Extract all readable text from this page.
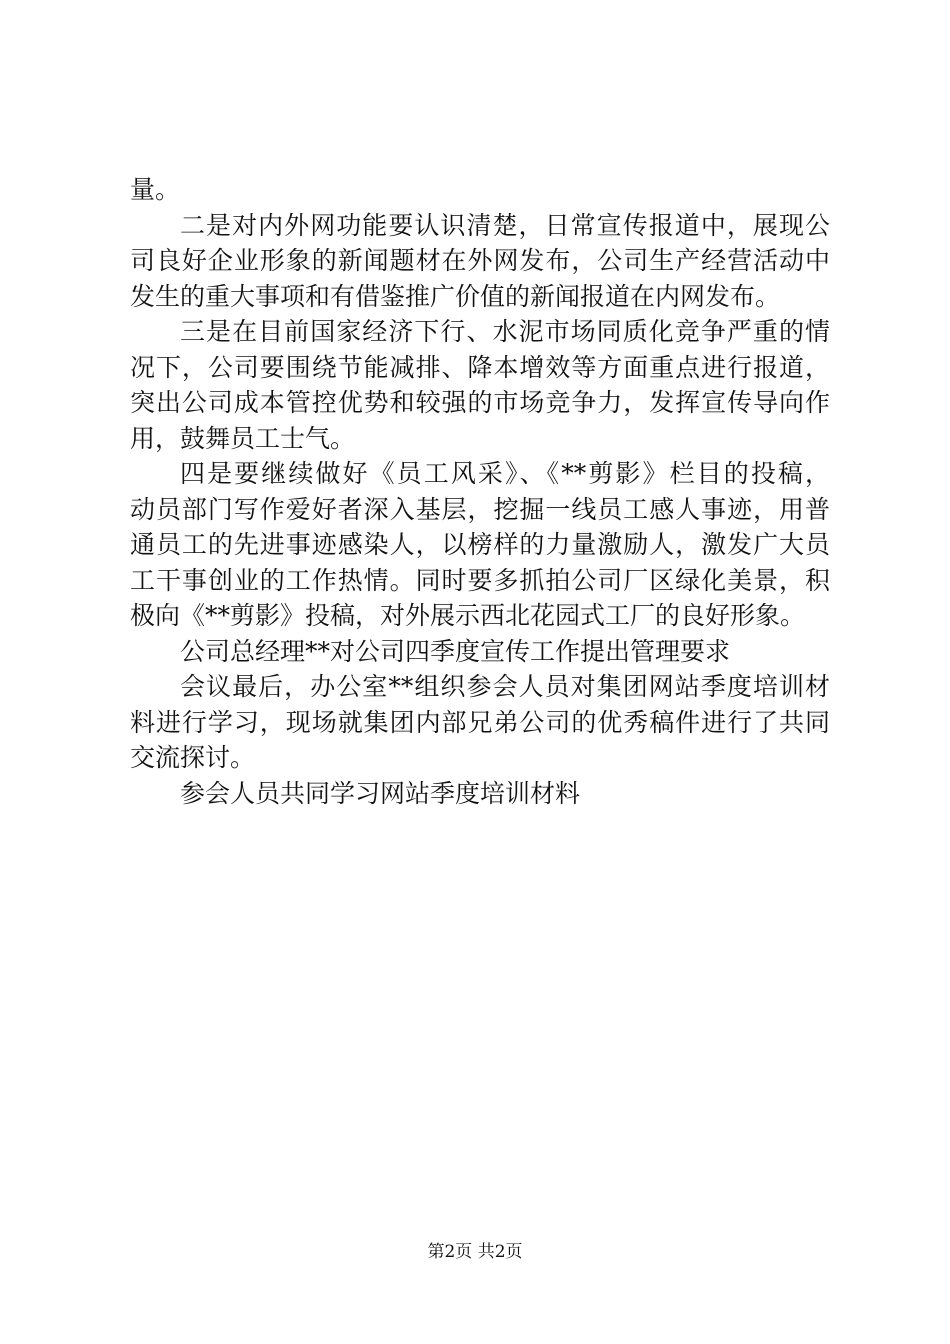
量。
二是对内外网功能要认识清楚，日常宣传报道中，展现公
司良好企业形象的新闻题材在外网发布，公司生产经营活动中
发生的重大事项和有借鉴推广价值的新闻报道在内网发布。
三是在目前国家经济下行、水泥市场同质化竞争严重的情
况下，公司要围绕节能减排、降本增效等方面重点进行报道，
突出公司成本管控优势和较强的市场竞争力，发挥宣传导向作
用，鼓舞员工士气。
四是要继续做好《员工风采》、《**剪影》栏目的投稿，
动员部门写作爱好者深入基层，挖掘一线员工感人事迹，用普
通员工的先进事迹感染人，以榜样的力量激励人，激发广大员
工干事创业的工作热情。同时要多抓拍公司厂区绿化美景，积
极向《**剪影》投稿，对外展示西北花园式工厂的良好形象。
公司总经理**对公司四季度宣传工作提出管理要求
会议最后，办公室**组织参会人员对集团网站季度培训材
料进行学习，现场就集团内部兄弟公司的优秀稿件进行了共同
交流探讨。
参会人员共同学习网站季度培训材料
第2页 共2页
